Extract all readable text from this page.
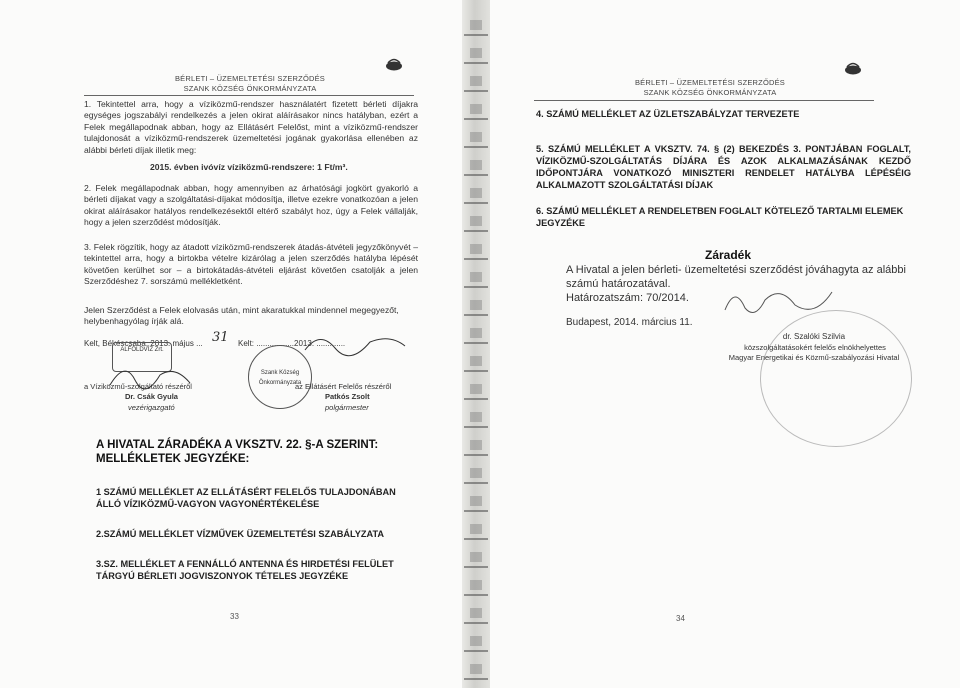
BÉRLETI – ÜZEMELTETÉSI SZERZŐDÉS
SZANK KÖZSÉG ÖNKORMÁNYZATA
1. Tekintettel arra, hogy a víziközmű-rendszer használatért fizetett bérleti díjakra egységes jogszabályi rendelkezés a jelen okirat aláírásakor nincs hatályban, ezért a Felek megállapodnak abban, hogy az Ellátásért Felelőst, mint a víziközmű-rendszer tulajdonosát a víziközmű-rendszerek üzemeltetési jogának gyakorlása ellenében az alábbi bérleti díjak illetik meg:
2015. évben ivóvíz víziközmű-rendszere: 1 Ft/m³.
2. Felek megállapodnak abban, hogy amennyiben az árhatósági jogkört gyakorló a bérleti díjakat vagy a szolgáltatási-díjakat módosítja, illetve ezekre vonatkozóan a jelen okirat aláírásakor hatályos rendelkezésektől eltérő szabályt hoz, úgy a Felek vállalják, hogy a jelen szerződést módosítják.
3. Felek rögzítik, hogy az átadott víziközmű-rendszerek átadás-átvételi jegyzőkönyvét – tekintettel arra, hogy a birtokba vételre kizárólag a jelen szerződés hatályba lépését követően kerülhet sor – a birtokátadás-átvételi eljárást követően csatolják a jelen Szerződéshez 7. sorszámú mellékletként.
Jelen Szerződést a Felek elolvasás után, mint akaratukkal mindennel megegyezőt, helybenhagyólag írják alá.
Kelt, Békéscsaba, 2013. május ... 31 Kelt: .................2013. .............
ALFÖLDVÍZ Zrt.
Szank Község Önkormányzata
a Víziközmű-szolgáltató részéről
Dr. Csák Gyula
vezérigazgató
az Ellátásért Felelős részéről
Patkós Zsolt
polgármester
A HIVATAL ZÁRADÉKA A VKSZTV. 22. §-A SZERINT: MELLÉKLETEK JEGYZÉKE:
1 SZÁMÚ MELLÉKLET AZ ELLÁTÁSÉRT FELELŐS TULAJDONÁBAN ÁLLÓ VÍZIKÖZMŰ-VAGYON VAGYONÉRTÉKELÉSE
2.SZÁMÚ MELLÉKLET VÍZMŰVEK ÜZEMELTETÉSI SZABÁLYZATA
3.SZ. MELLÉKLET A FENNÁLLÓ ANTENNA ÉS HIRDETÉSI FELÜLET TÁRGYÚ BÉRLETI JOGVISZONYOK TÉTELES JEGYZÉKE
33
BÉRLETI – ÜZEMELTETÉSI SZERZŐDÉS
SZANK KÖZSÉG ÖNKORMÁNYZATA
4. SZÁMÚ MELLÉKLET AZ ÜZLETSZABÁLYZAT TERVEZETE
5. SZÁMÚ MELLÉKLET A VKSZTV. 74. § (2) BEKEZDÉS 3. PONTJÁBAN FOGLALT, VÍZIKÖZMŰ-SZOLGÁLTATÁS DÍJÁRA ÉS AZOK ALKALMAZÁSÁNAK KEZDŐ IDŐPONTJÁRA VONATKOZÓ MINISZTERI RENDELET HATÁLYBA LÉPÉSÉIG ALKALMAZOTT SZOLGÁLTATÁSI DÍJAK
6. SZÁMÚ MELLÉKLET A RENDELETBEN FOGLALT KÖTELEZŐ TARTALMI ELEMEK JEGYZÉKE
Záradék
A Hivatal a jelen bérleti- üzemeltetési szerződést jóváhagyta az alábbi számú határozatával.
Határozatszám: 70/2014.
Budapest, 2014. március 11.
dr. Szalóki Szilvia
közszolgáltatásokért felelős elnökhelyettes
Magyar Energetikai és Közmű-szabályozási Hivatal
34
